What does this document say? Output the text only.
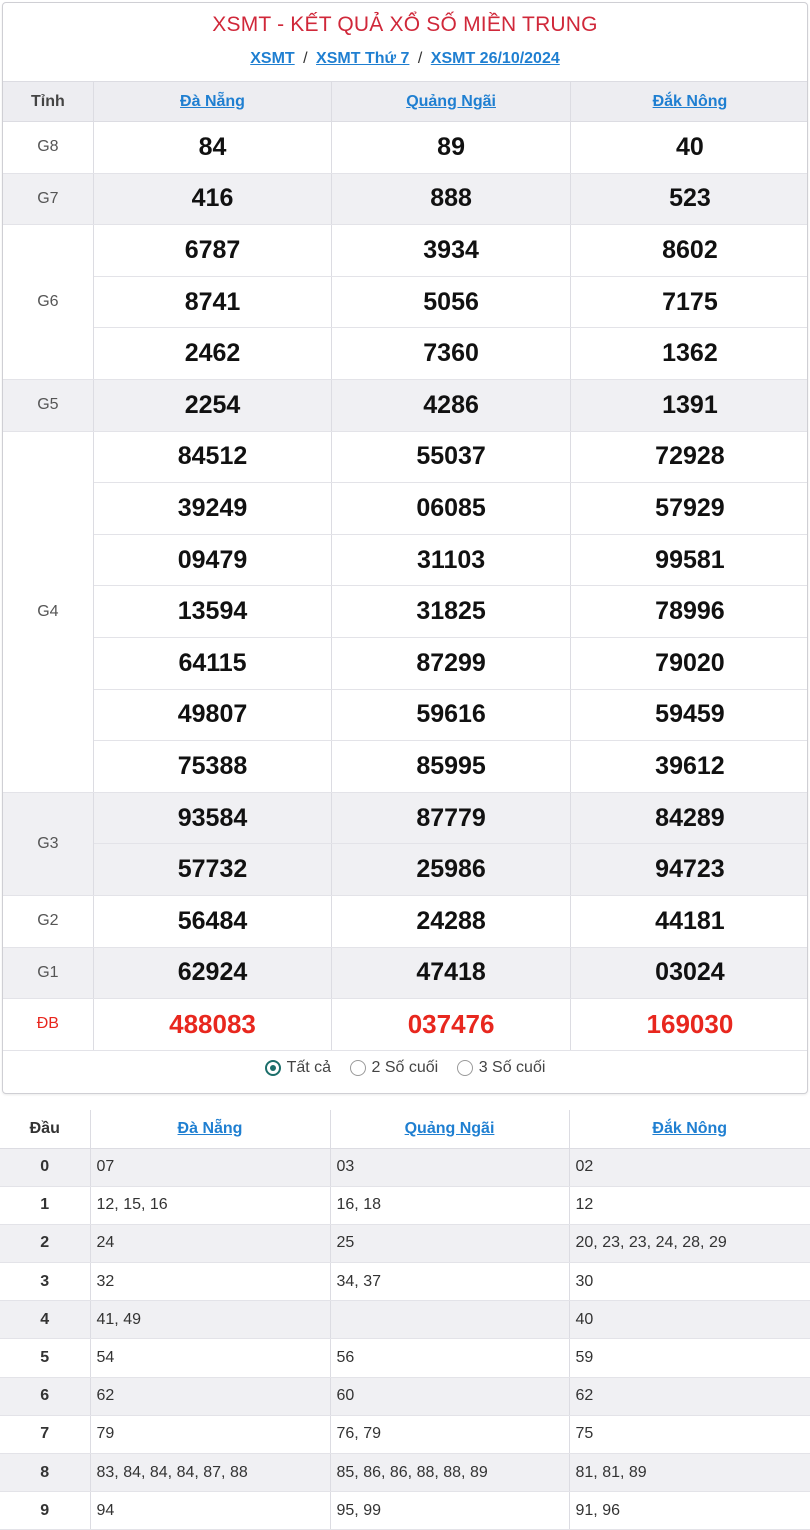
XSMT - KẾT QUẢ XỔ SỐ MIỀN TRUNG
XSMT / XSMT Thứ 7 / XSMT 26/10/2024
Tỉnh	Đà Nẵng	Quảng Ngãi	Đắk Nông
G8	84	89	40
G7	416	888	523
G6	6787	3934	8602
	8741	5056	7175
	2462	7360	1362
G5	2254	4286	1391
G4	84512	55037	72928
	39249	06085	57929
	09479	31103	99581
	13594	31825	78996
	64115	87299	79020
	49807	59616	59459
	75388	85995	39612
G3	93584	87779	84289
	57732	25986	94723
G2	56484	24288	44181
G1	62924	47418	03024
ĐB	488083	037476	169030
Tất cả
	2 Số cuối
	3 Số cuối
Đầu	Đà Nẵng	Quảng Ngãi	Đắk Nông
0	07	03	02
1	12, 15, 16	16, 18	12
2	24	25	20, 23, 23, 24, 28, 29
3	32	34, 37	30
4	41, 49		40
5	54	56	59
6	62	60	62
7	79	76, 79	75
8	83, 84, 84, 84, 87, 88	85, 86, 86, 88, 88, 89	81, 81, 89
9	94	95, 99	91, 96
